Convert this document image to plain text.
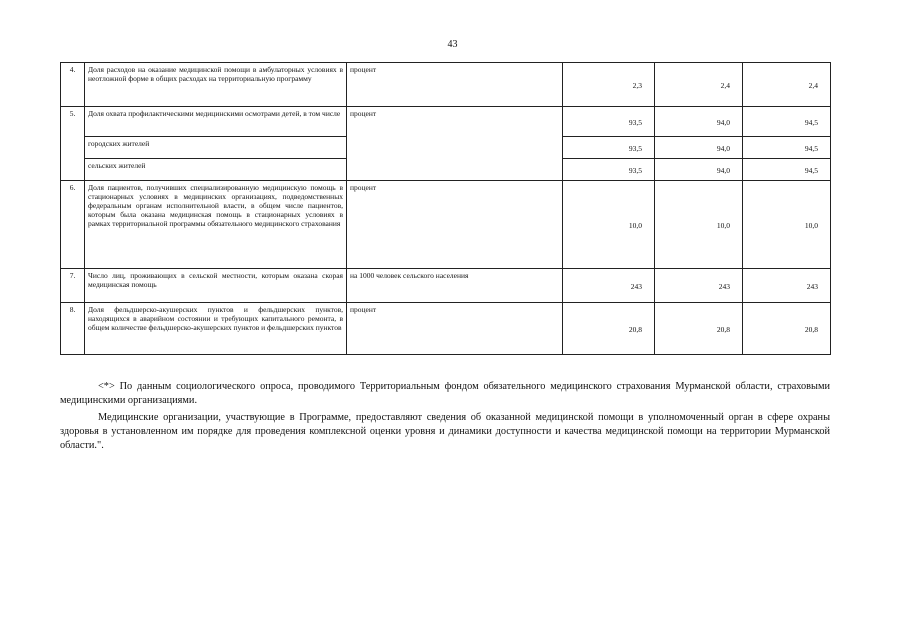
43
4.	Доля расходов на оказание медицинской помощи в амбулаторных условиях в неотложной форме в общих расходах на территориальную программу	процент	2,3	2,4	2,4
5.	Доля охвата профилактическими медицинскими осмотрами детей, в том числе	процент	93,5	94,0	94,5
	городских жителей		93,5	94,0	94,5
	сельских жителей		93,5	94,0	94,5
6.	Доля пациентов, получивших специализированную медицинскую помощь в стационарных условиях в медицинских организациях, подведомственных федеральным органам исполнительной власти, в общем числе пациентов, которым была оказана медицинская помощь в стационарных условиях в рамках территориальной программы обязательного медицинского страхования	процент	10,0	10,0	10,0
7.	Число лиц, проживающих в сельской местности, которым оказана скорая медицинская помощь	на 1000 человек сельского населения	243	243	243
8.	Доля фельдшерско-акушерских пунктов и фельдшерских пунктов, находящихся в аварийном состоянии и требующих капитального ремонта, в общем количестве фельдшерско-акушерских пунктов и фельдшерских пунктов	процент	20,8	20,8	20,8

<*> По данным социологического опроса, проводимого Территориальным фондом обязательного медицинского страхования Мурманской области, страховыми медицинскими организациями.

Медицинские организации, участвующие в Программе, предоставляют сведения об оказанной медицинской помощи в уполномоченный орган в сфере охраны здоровья в установленном им порядке для проведения комплексной оценки уровня и динамики доступности и качества медицинской помощи на территории Мурманской области.".
